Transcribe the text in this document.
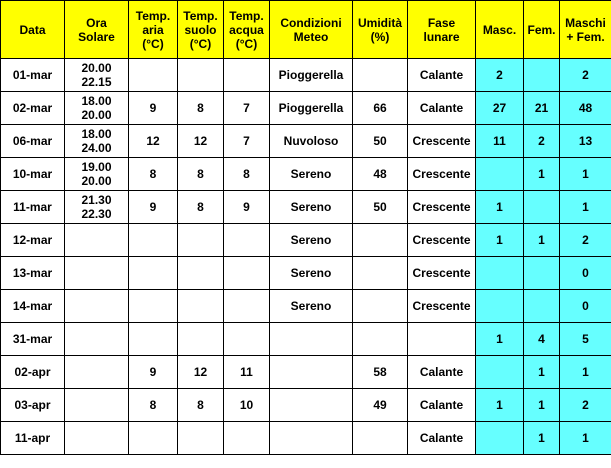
Data	Ora
Solare	Temp.
aria
(°C)	Temp.
suolo
(°C)	Temp.
acqua
(°C)	Condizioni
Meteo	Umidità
(%)	Fase
lunare	Masc.	Fem.	Maschi
+ Fem.

01-mar	20.00
22.15				Pioggerella		Calante	2		2
02-mar	18.00
20.00	9	8	7	Pioggerella	66	Calante	27	21	48
06-mar	18.00
24.00	12	12	7	Nuvoloso	50	Crescente	11	2	13
10-mar	19.00
20.00	8	8	8	Sereno	48	Crescente		1	1
11-mar	21.30
22.30	9	8	9	Sereno	50	Crescente	1		1
12-mar					Sereno		Crescente	1	1	2
13-mar					Sereno		Crescente			0
14-mar					Sereno		Crescente			0
31-mar								1	4	5
02-apr		9	12	11		58	Calante		1	1
03-apr		8	8	10		49	Calante	1	1	2
11-apr							Calante		1	1
